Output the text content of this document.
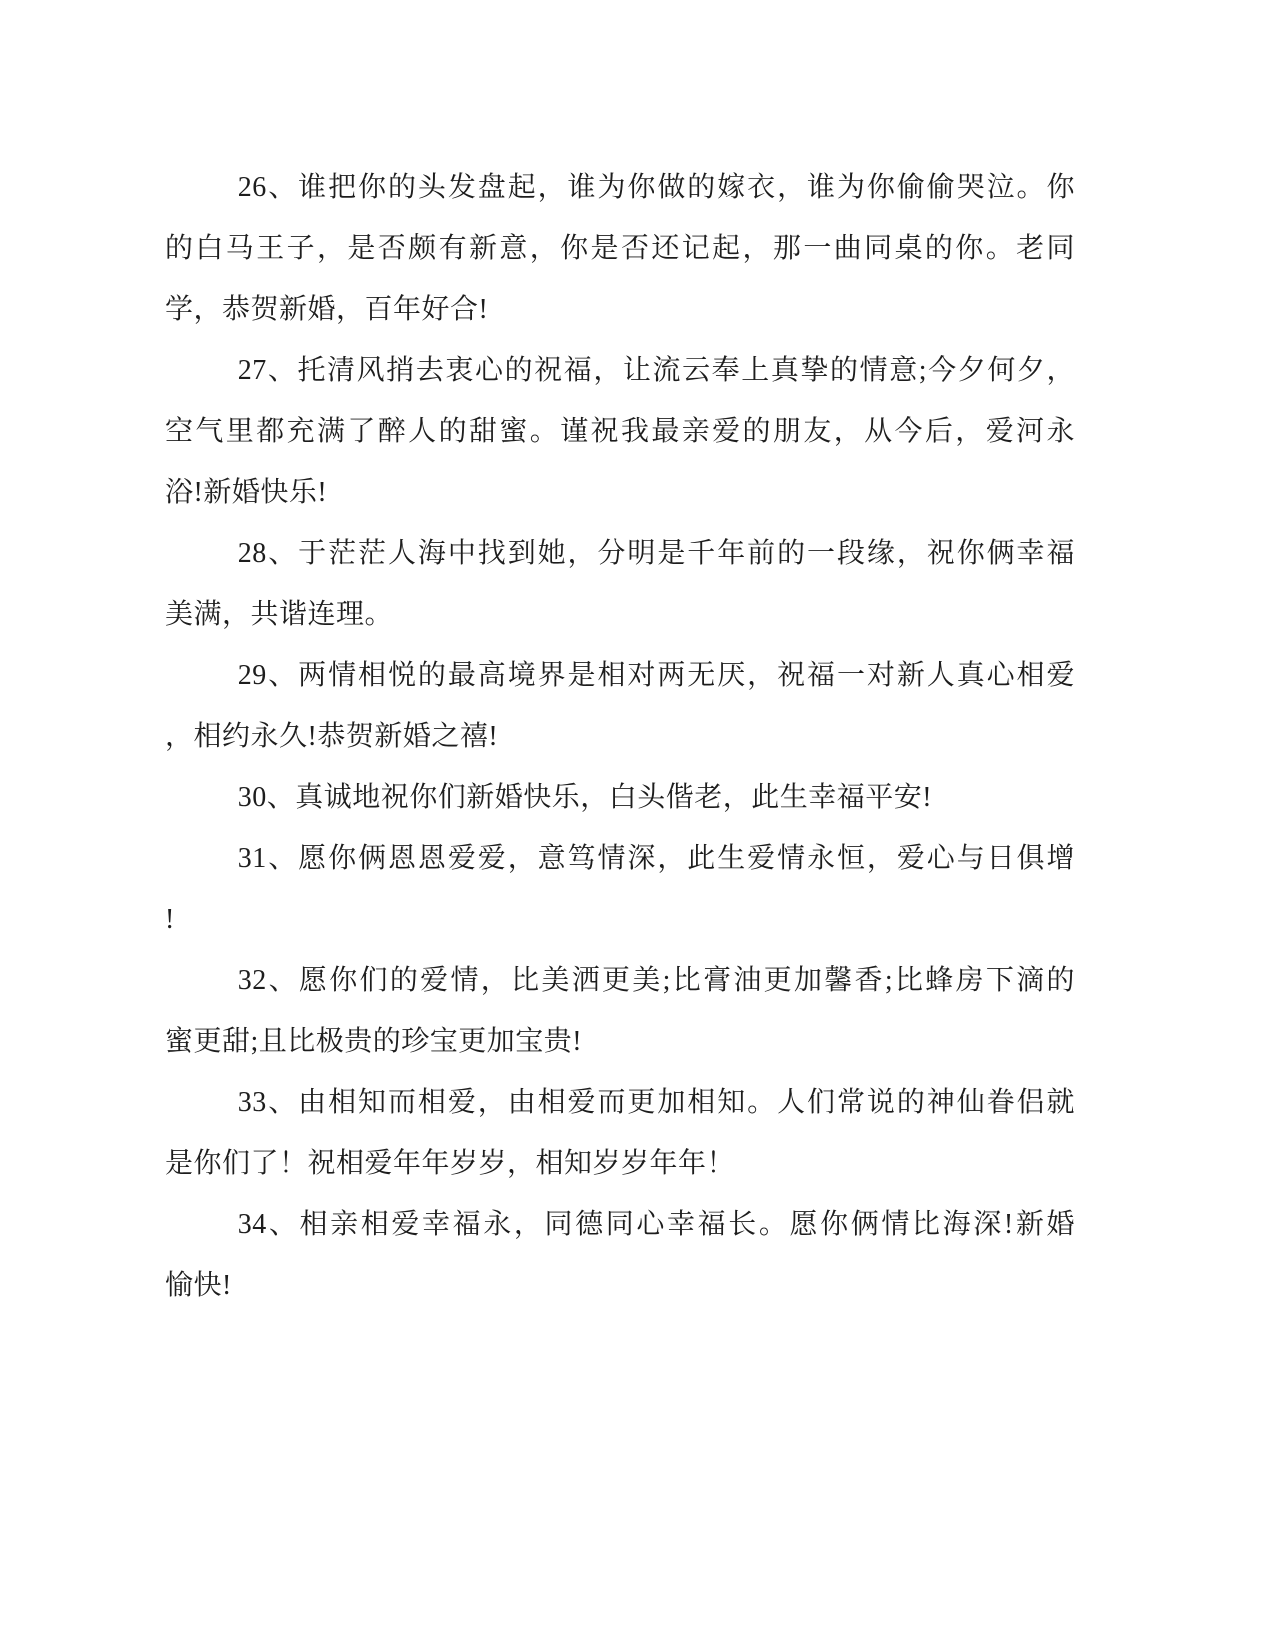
26、谁把你的头发盘起，谁为你做的嫁衣，谁为你偷偷哭泣。你
的白马王子，是否颇有新意，你是否还记起，那一曲同桌的你。老同
学，恭贺新婚，百年好合!
27、托清风捎去衷心的祝福，让流云奉上真挚的情意;今夕何夕，
空气里都充满了醉人的甜蜜。谨祝我最亲爱的朋友，从今后，爱河永
浴!新婚快乐!
28、于茫茫人海中找到她，分明是千年前的一段缘，祝你俩幸福
美满，共谐连理。
29、两情相悦的最高境界是相对两无厌，祝福一对新人真心相爱
，相约永久!恭贺新婚之禧!
30、真诚地祝你们新婚快乐，白头偕老，此生幸福平安!
31、愿你俩恩恩爱爱，意笃情深，此生爱情永恒，爱心与日俱增
!
32、愿你们的爱情，比美洒更美;比膏油更加馨香;比蜂房下滴的
蜜更甜;且比极贵的珍宝更加宝贵!
33、由相知而相爱，由相爱而更加相知。人们常说的神仙眷侣就
是你们了！祝相爱年年岁岁，相知岁岁年年！
34、相亲相爱幸福永，同德同心幸福长。愿你俩情比海深!新婚
愉快!
